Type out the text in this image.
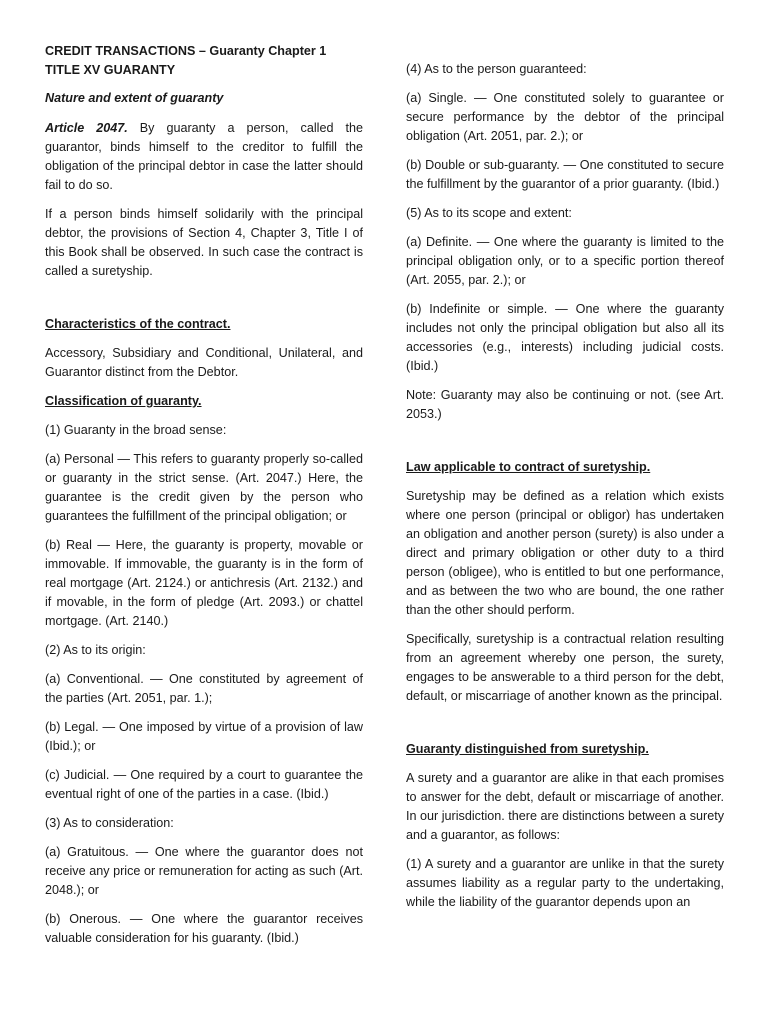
CREDIT TRANSACTIONS – Guaranty Chapter 1
TITLE XV GUARANTY
Nature and extent of guaranty

Article 2047. By guaranty a person, called the guarantor, binds himself to the creditor to fulfill the obligation of the principal debtor in case the latter should fail to do so.

If a person binds himself solidarily with the principal debtor, the provisions of Section 4, Chapter 3, Title I of this Book shall be observed. In such case the contract is called a suretyship.

Characteristics of the contract.

Accessory, Subsidiary and Conditional, Unilateral, and Guarantor distinct from the Debtor.

Classification of guaranty.

(1) Guaranty in the broad sense:

(a) Personal — This refers to guaranty properly so-called or guaranty in the strict sense. (Art. 2047.) Here, the guarantee is the credit given by the person who guarantees the fulfillment of the principal obligation; or

(b) Real — Here, the guaranty is property, movable or immovable. If immovable, the guaranty is in the form of real mortgage (Art. 2124.) or antichresis (Art. 2132.) and if movable, in the form of pledge (Art. 2093.) or chattel mortgage. (Art. 2140.)

(2) As to its origin:

(a) Conventional. — One constituted by agreement of the parties (Art. 2051, par. 1.);

(b) Legal. — One imposed by virtue of a provision of law (Ibid.); or

(c) Judicial. — One required by a court to guarantee the eventual right of one of the parties in a case. (Ibid.)

(3) As to consideration:

(a) Gratuitous. — One where the guarantor does not receive any price or remuneration for acting as such (Art. 2048.); or

(b) Onerous. — One where the guarantor receives valuable consideration for his guaranty. (Ibid.)

(4) As to the person guaranteed:

(a) Single. — One constituted solely to guarantee or secure performance by the debtor of the principal obligation (Art. 2051, par. 2.); or

(b) Double or sub-guaranty. — One constituted to secure the fulfillment by the guarantor of a prior guaranty. (Ibid.)

(5) As to its scope and extent:

(a) Definite. — One where the guaranty is limited to the principal obligation only, or to a specific portion thereof (Art. 2055, par. 2.); or

(b) Indefinite or simple. — One where the guaranty includes not only the principal obligation but also all its accessories (e.g., interests) including judicial costs. (Ibid.)

Note: Guaranty may also be continuing or not. (see Art. 2053.)

Law applicable to contract of suretyship.

Suretyship may be defined as a relation which exists where one person (principal or obligor) has undertaken an obligation and another person (surety) is also under a direct and primary obligation or other duty to a third person (obligee), who is entitled to but one performance, and as between the two who are bound, the one rather than the other should perform.

Specifically, suretyship is a contractual relation resulting from an agreement whereby one person, the surety, engages to be answerable to a third person for the debt, default, or miscarriage of another known as the principal.

Guaranty distinguished from suretyship.

A surety and a guarantor are alike in that each promises to answer for the debt, default or miscarriage of another. In our jurisdiction. there are distinctions between a surety and a guarantor, as follows:

(1) A surety and a guarantor are unlike in that the surety assumes liability as a regular party to the undertaking, while the liability of the guarantor depends upon an
